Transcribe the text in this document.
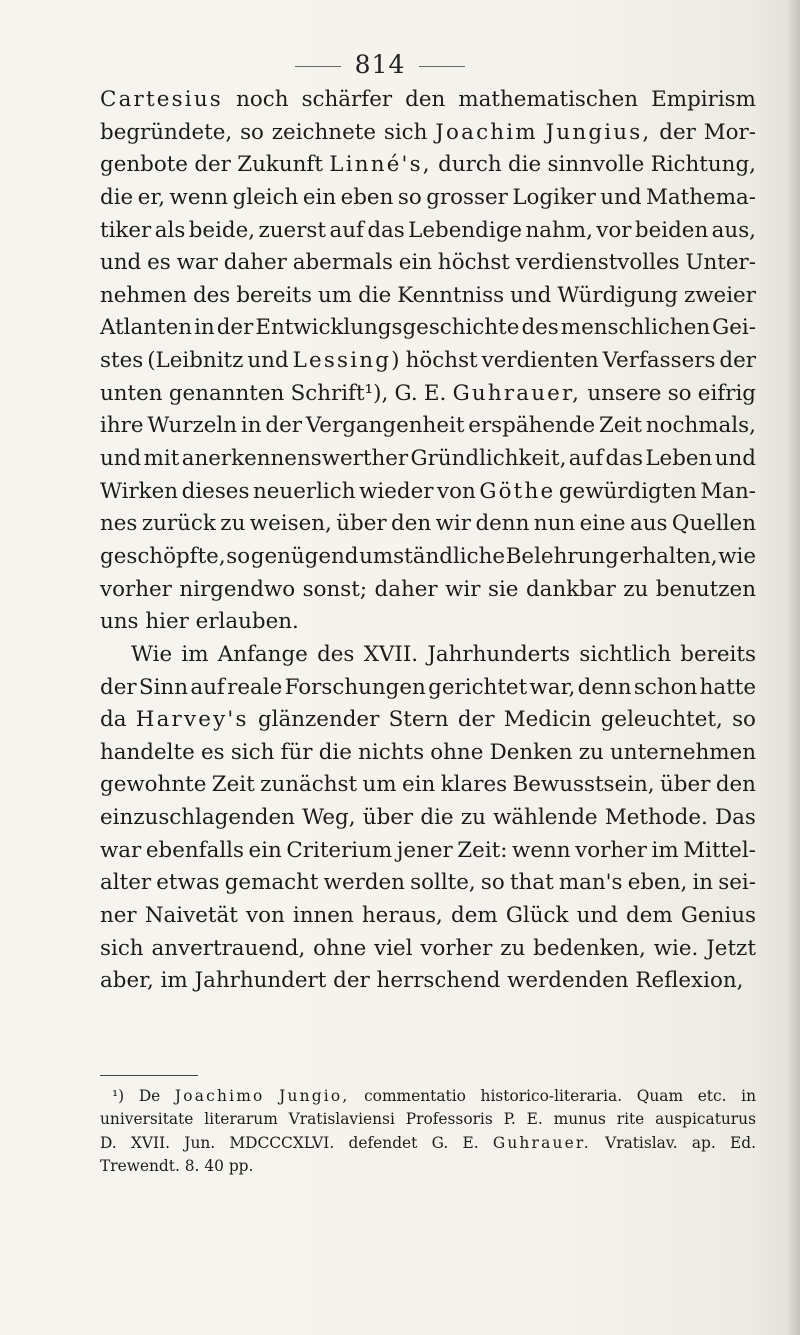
814
Cartesius noch schärfer den mathematischen Empirism
begründete, so zeichnete sich Joachim Jungius, der Mor-
genbote der Zukunft Linné's, durch die sinnvolle Richtung,
die er, wenn gleich ein eben so grosser Logiker und Mathema-
tiker als beide, zuerst auf das Lebendige nahm, vor beiden aus,
und es war daher abermals ein höchst verdienstvolles Unter-
nehmen des bereits um die Kenntniss und Würdigung zweier
Atlanten in der Entwicklungsgeschichte des menschlichen Gei-
stes (Leibnitz und Lessing) höchst verdienten Verfassers der
unten genannten Schrift¹), G. E. Guhrauer, unsere so eifrig
ihre Wurzeln in der Vergangenheit erspähende Zeit nochmals,
und mit anerkennenswerther Gründlichkeit, auf das Leben und
Wirken dieses neuerlich wieder von Göthe gewürdigten Man-
nes zurück zu weisen, über den wir denn nun eine aus Quellen
geschöpfte, so genügend umständliche Belehrung erhalten, wie
vorher nirgendwo sonst; daher wir sie dankbar zu benutzen
uns hier erlauben.
Wie im Anfange des XVII. Jahrhunderts sichtlich bereits
der Sinn auf reale Forschungen gerichtet war, denn schon hatte
da Harvey's glänzender Stern der Medicin geleuchtet, so
handelte es sich für die nichts ohne Denken zu unternehmen
gewohnte Zeit zunächst um ein klares Bewusstsein, über den
einzuschlagenden Weg, über die zu wählende Methode. Das
war ebenfalls ein Criterium jener Zeit: wenn vorher im Mittel-
alter etwas gemacht werden sollte, so that man's eben, in sei-
ner Naivetät von innen heraus, dem Glück und dem Genius
sich anvertrauend, ohne viel vorher zu bedenken, wie. Jetzt
aber, im Jahrhundert der herrschend werdenden Reflexion,
¹) De Joachimo Jungio, commentatio historico-literaria. Quam etc. in
universitate literarum Vratislaviensi Professoris P. E. munus rite auspicaturus
D. XVII. Jun. MDCCCXLVI. defendet G. E. Guhrauer. Vratislav. ap. Ed.
Trewendt. 8. 40 pp.
